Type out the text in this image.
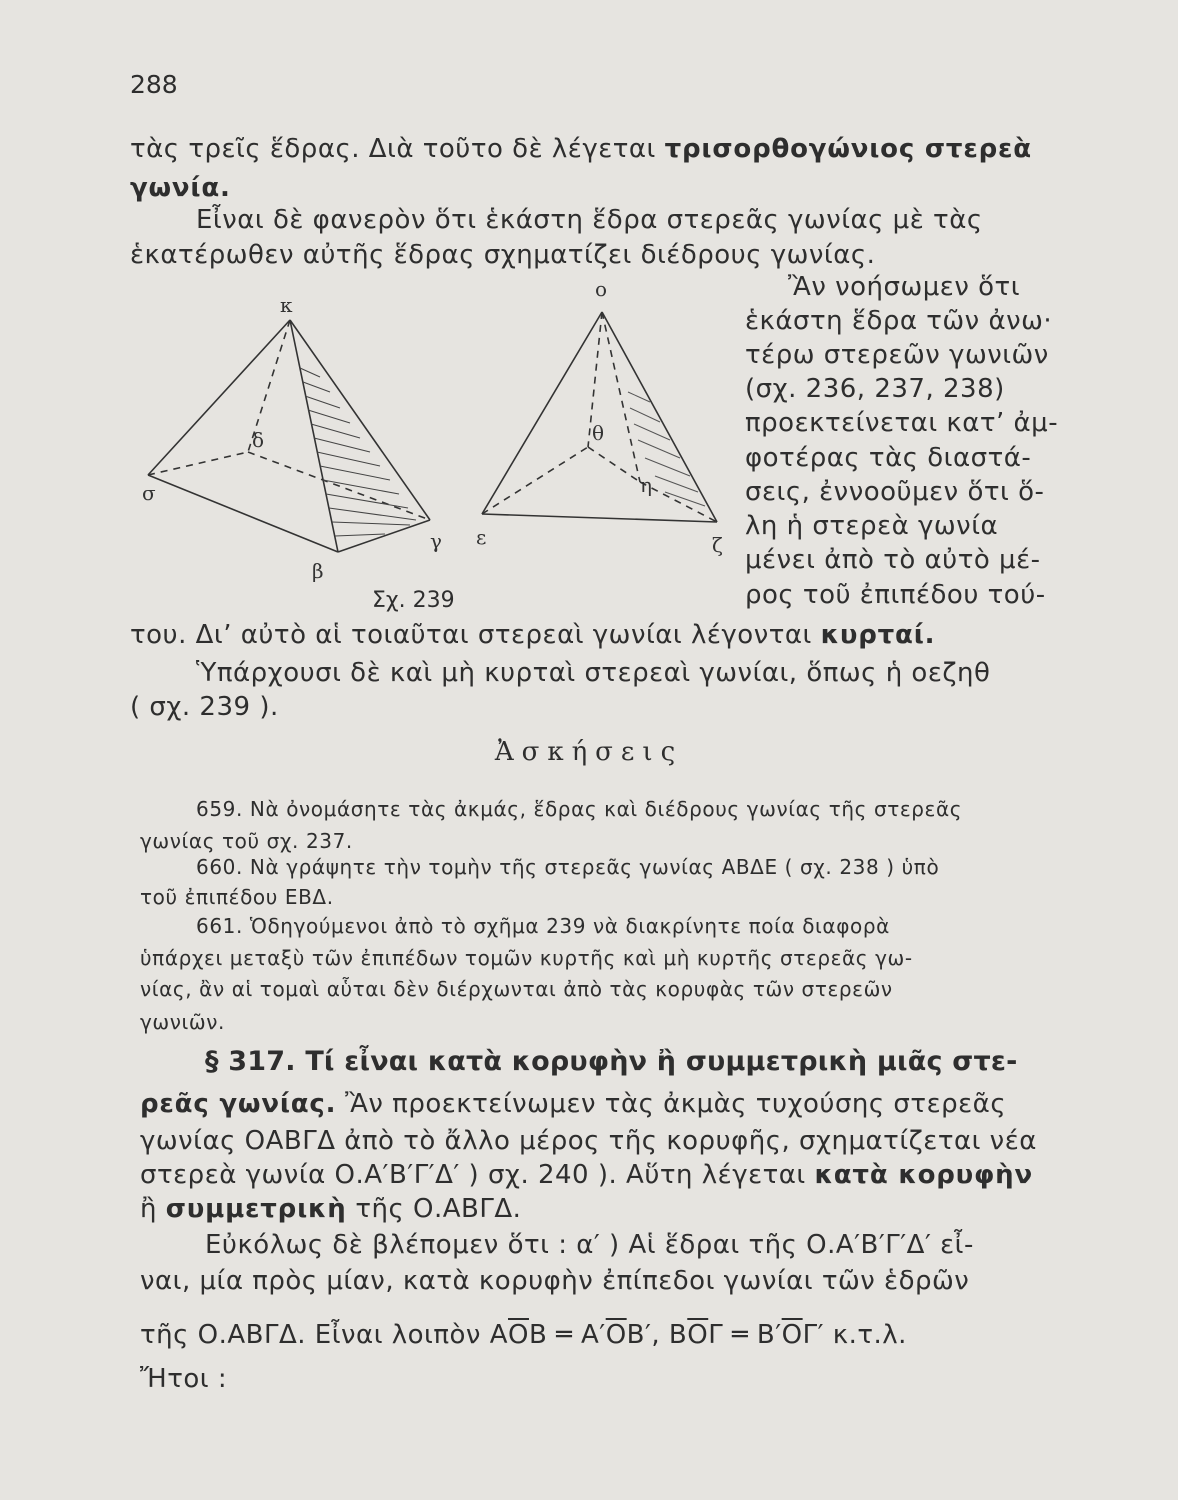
288
τὰς τρεῖς ἕδρας. Διὰ τοῦτο δὲ λέγεται τρισορθογώνιος στερεὰ
γωνία.
Εἶναι δὲ φανερὸν ὅτι ἑκάστη ἕδρα στερεᾶς γωνίας μὲ τὰς
ἑκατέρωθεν αὐτῆς ἕδρας σχηματίζει διέδρους γωνίας.
Ἂν νοήσωμεν ὅτι
ἑκάστη ἕδρα τῶν ἀνω·
τέρω στερεῶν γωνιῶν
(σχ. 236, 237, 238)
προεκτείνεται κατ’ ἀμ-
φοτέρας τὰς διαστά-
σεις, ἐννοοῦμεν ὅτι ὅ-
λη ἡ στερεὰ γωνία
μένει ἀπὸ τὸ αὐτὸ μέ-
ρος τοῦ ἐπιπέδου τού-
κ
δ
σ
β
γ
ο
θ
η
ε	ζ
Σχ. 239
του. Δι’ αὐτὸ αἱ τοιαῦται στερεαὶ γωνίαι λέγονται κυρταί.
Ὑπάρχουσι δὲ καὶ μὴ κυρταὶ στερεαὶ γωνίαι, ὅπως ἡ οεζηθ
( σχ. 239 ).
Ἀσκήσεις
659. Νὰ ὀνομάσητε τὰς ἀκμάς, ἕδρας καὶ διέδρους γωνίας τῆς στερεᾶς
γωνίας τοῦ σχ. 237.
660. Νὰ γράψητε τὴν τομὴν τῆς στερεᾶς γωνίας ΑΒΔΕ ( σχ. 238 ) ὑπὸ
τοῦ ἐπιπέδου ΕΒΔ.
661. Ὁδηγούμενοι ἀπὸ τὸ σχῆμα 239 νὰ διακρίνητε ποία διαφορὰ
ὑπάρχει μεταξὺ τῶν ἐπιπέδων τομῶν κυρτῆς καὶ μὴ κυρτῆς στερεᾶς γω-
νίας, ἂν αἱ τομαὶ αὗται δὲν διέρχωνται ἀπὸ τὰς κορυφὰς τῶν στερεῶν
γωνιῶν.
§ 317. Τί εἶναι κατὰ κορυφὴν ἢ συμμετρικὴ μιᾶς στε-
ρεᾶς γωνίας. Ἂν προεκτείνωμεν τὰς ἀκμὰς τυχούσης στερεᾶς
γωνίας ΟΑΒΓΔ ἀπὸ τὸ ἄλλο μέρος τῆς κορυφῆς, σχηματίζεται νέα
στερεὰ γωνία Ο.Α′Β′Γ′Δ′ ) σχ. 240 ). Αὕτη λέγεται κατὰ κορυφὴν
ἢ συμμετρικὴ τῆς Ο.ΑΒΓΔ.
Εὐκόλως δὲ βλέπομεν ὅτι : α′ ) Αἱ ἕδραι τῆς Ο.Α′Β′Γ′Δ′ εἶ-
ναι, μία πρὸς μίαν, κατὰ κορυφὴν ἐπίπεδοι γωνίαι τῶν ἑδρῶν
τῆς Ο.ΑΒΓΔ. Εἶναι λοιπὸν $A\overline{O}B$ ═ $A'\overline{O}B'$, $B\overline{O}\Gamma$ ═ $B'\overline{O}\Gamma'$ κ.τ.λ.
Ἤτοι :
